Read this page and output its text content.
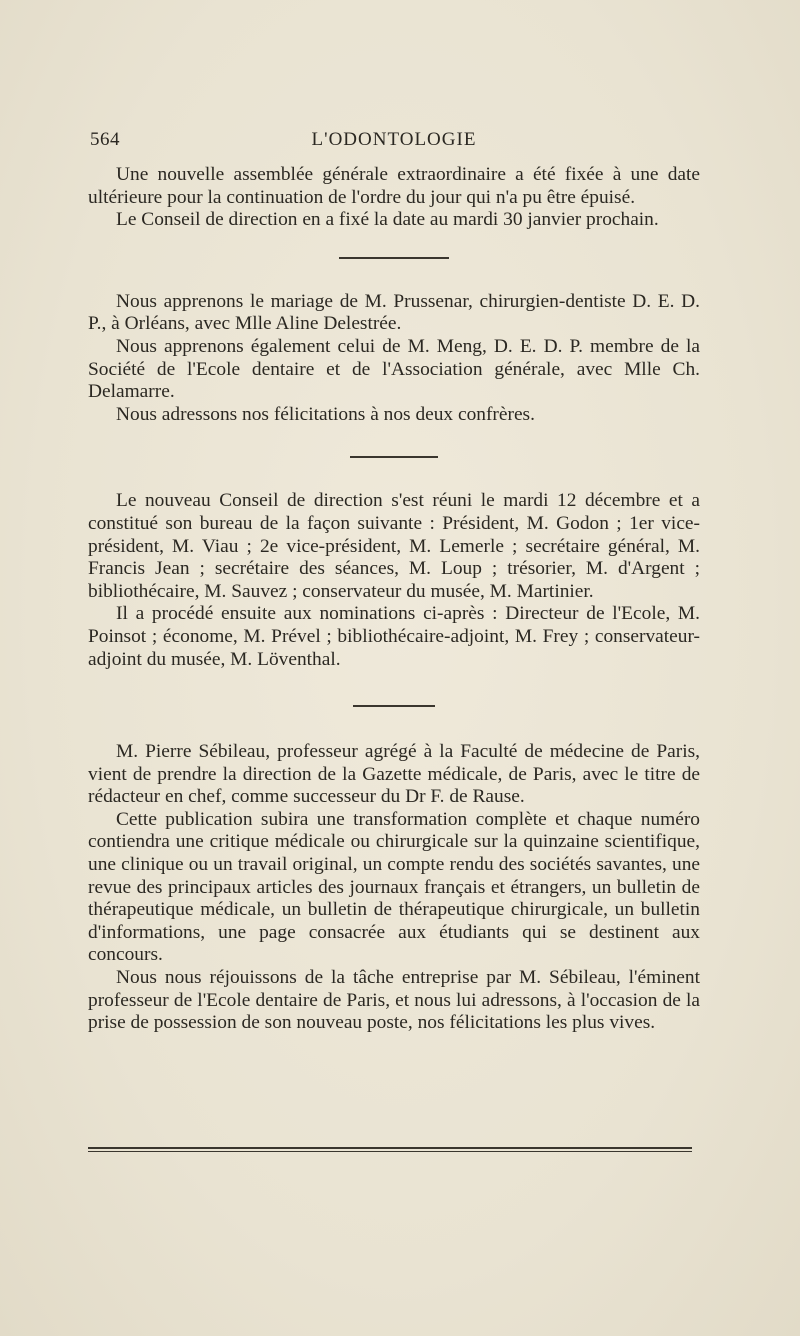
564	L'ODONTOLOGIE

Une nouvelle assemblée générale extraordinaire a été fixée à une date ultérieure pour la continuation de l'ordre du jour qui n'a pu être épuisé.

Le Conseil de direction en a fixé la date au mardi 30 janvier prochain.

Nous apprenons le mariage de M. Prussenar, chirurgien-dentiste D. E. D. P., à Orléans, avec Mlle Aline Delestrée.

Nous apprenons également celui de M. Meng, D. E. D. P. membre de la Société de l'Ecole dentaire et de l'Association générale, avec Mlle Ch. Delamarre.

Nous adressons nos félicitations à nos deux confrères.

Le nouveau Conseil de direction s'est réuni le mardi 12 décembre et a constitué son bureau de la façon suivante : Président, M. Godon ; 1er vice-président, M. Viau ; 2e vice-président, M. Lemerle ; secrétaire général, M. Francis Jean ; secrétaire des séances, M. Loup ; trésorier, M. d'Argent ; bibliothécaire, M. Sauvez ; conservateur du musée, M. Martinier.

Il a procédé ensuite aux nominations ci-après : Directeur de l'Ecole, M. Poinsot ; économe, M. Prével ; bibliothécaire-adjoint, M. Frey ; conservateur-adjoint du musée, M. Löventhal.

M. Pierre Sébileau, professeur agrégé à la Faculté de médecine de Paris, vient de prendre la direction de la Gazette médicale, de Paris, avec le titre de rédacteur en chef, comme successeur du Dr F. de Rause.

Cette publication subira une transformation complète et chaque numéro contiendra une critique médicale ou chirurgicale sur la quinzaine scientifique, une clinique ou un travail original, un compte rendu des sociétés savantes, une revue des principaux articles des journaux français et étrangers, un bulletin de thérapeutique médicale, un bulletin de thérapeutique chirurgicale, un bulletin d'informations, une page consacrée aux étudiants qui se destinent aux concours.

Nous nous réjouissons de la tâche entreprise par M. Sébileau, l'éminent professeur de l'Ecole dentaire de Paris, et nous lui adressons, à l'occasion de la prise de possession de son nouveau poste, nos félicitations les plus vives.
